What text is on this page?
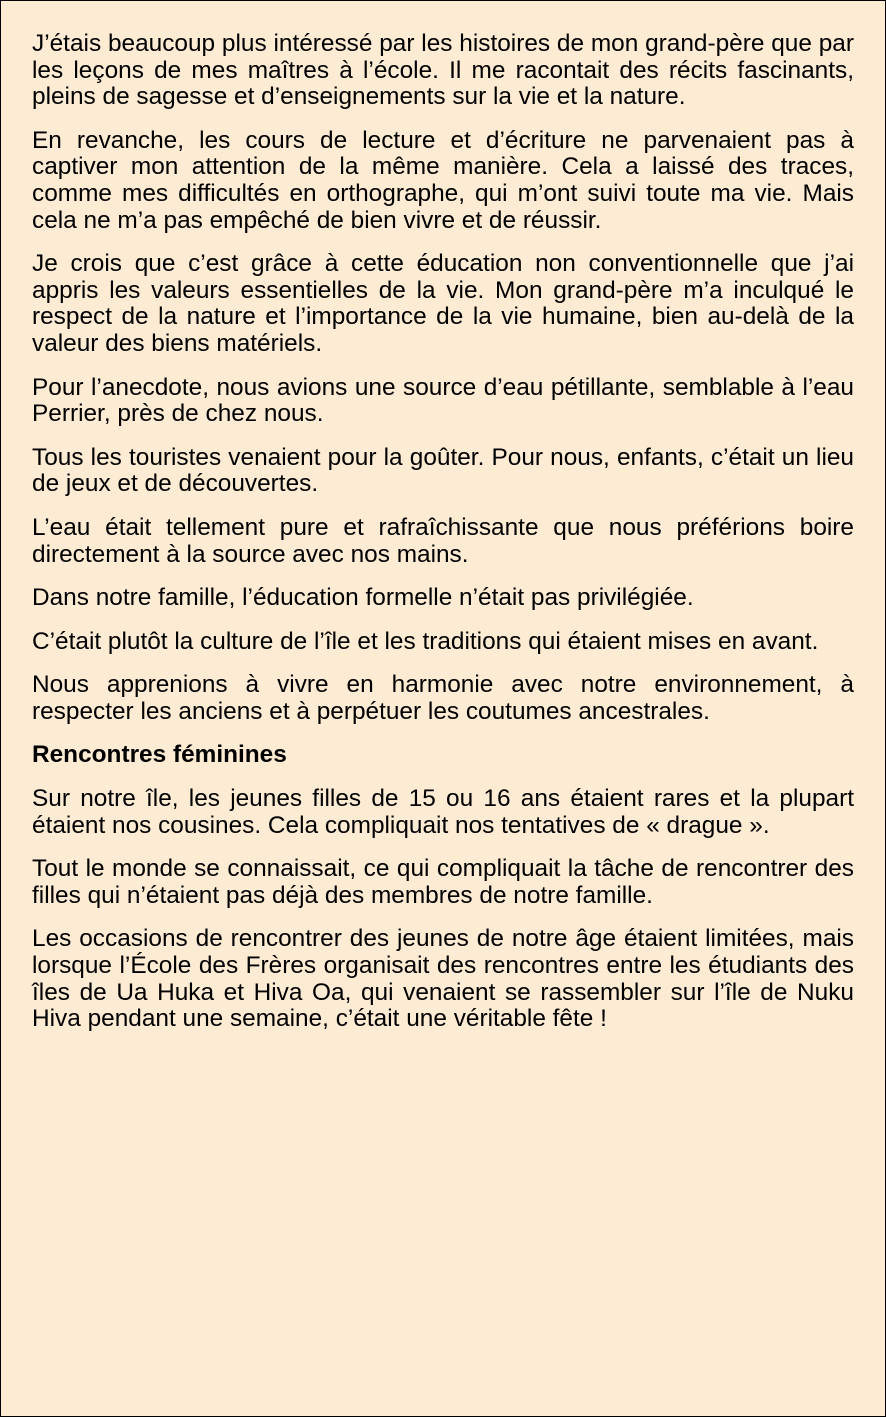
J’étais beaucoup plus intéressé par les histoires de mon grand-père que par les leçons de mes maîtres à l’école. Il me racontait des récits fascinants, pleins de sagesse et d’enseignements sur la vie et la nature.

En revanche, les cours de lecture et d’écriture ne parvenaient pas à captiver mon attention de la même manière. Cela a laissé des traces, comme mes difficultés en orthographe, qui m’ont suivi toute ma vie. Mais cela ne m’a pas empêché de bien vivre et de réussir.

Je crois que c’est grâce à cette éducation non conventionnelle que j’ai appris les valeurs essentielles de la vie. Mon grand-père m’a inculqué le respect de la nature et l’importance de la vie humaine, bien au-delà de la valeur des biens matériels.

Pour l’anecdote, nous avions une source d’eau pétillante, semblable à l’eau Perrier, près de chez nous.

Tous les touristes venaient pour la goûter. Pour nous, enfants, c’était un lieu de jeux et de découvertes.

L’eau était tellement pure et rafraîchissante que nous préférions boire directement à la source avec nos mains.

Dans notre famille, l’éducation formelle n’était pas privilégiée.

C’était plutôt la culture de l’île et les traditions qui étaient mises en avant.

Nous apprenions à vivre en harmonie avec notre environnement, à respecter les anciens et à perpétuer les coutumes ancestrales.

Rencontres féminines

Sur notre île, les jeunes filles de 15 ou 16 ans étaient rares et la plupart étaient nos cousines. Cela compliquait nos tentatives de « drague ».

Tout le monde se connaissait, ce qui compliquait la tâche de rencontrer des filles qui n’étaient pas déjà des membres de notre famille.

Les occasions de rencontrer des jeunes de notre âge étaient limitées, mais lorsque l’École des Frères organisait des rencontres entre les étudiants des îles de Ua Huka et Hiva Oa, qui venaient se rassembler sur l’île de Nuku Hiva pendant une semaine, c’était une véritable fête !
